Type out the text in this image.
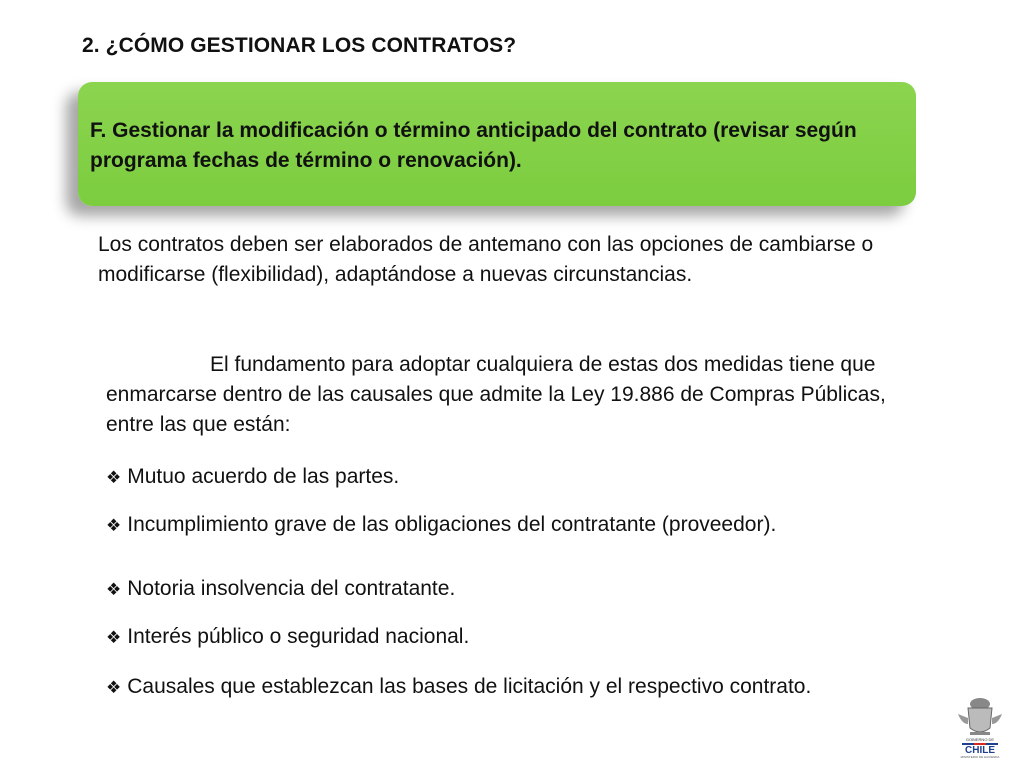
2. ¿CÓMO GESTIONAR LOS CONTRATOS?
F. Gestionar la modificación o término anticipado del contrato (revisar según programa fechas de término o renovación).
Los contratos deben ser elaborados de antemano con las opciones de cambiarse o modificarse (flexibilidad), adaptándose a nuevas circunstancias.
El fundamento para adoptar cualquiera de estas dos medidas tiene que enmarcarse dentro de las causales que admite la Ley 19.886 de Compras Públicas, entre las que están:
❖ Mutuo acuerdo de las partes.
❖ Incumplimiento grave de las obligaciones del contratante (proveedor).
❖ Notoria insolvencia del contratante.
❖ Interés público o seguridad nacional.
❖ Causales que establezcan las bases de licitación y el respectivo contrato.
GOBIERNO DE
CHILE
MINISTERIO DE HACIENDA
